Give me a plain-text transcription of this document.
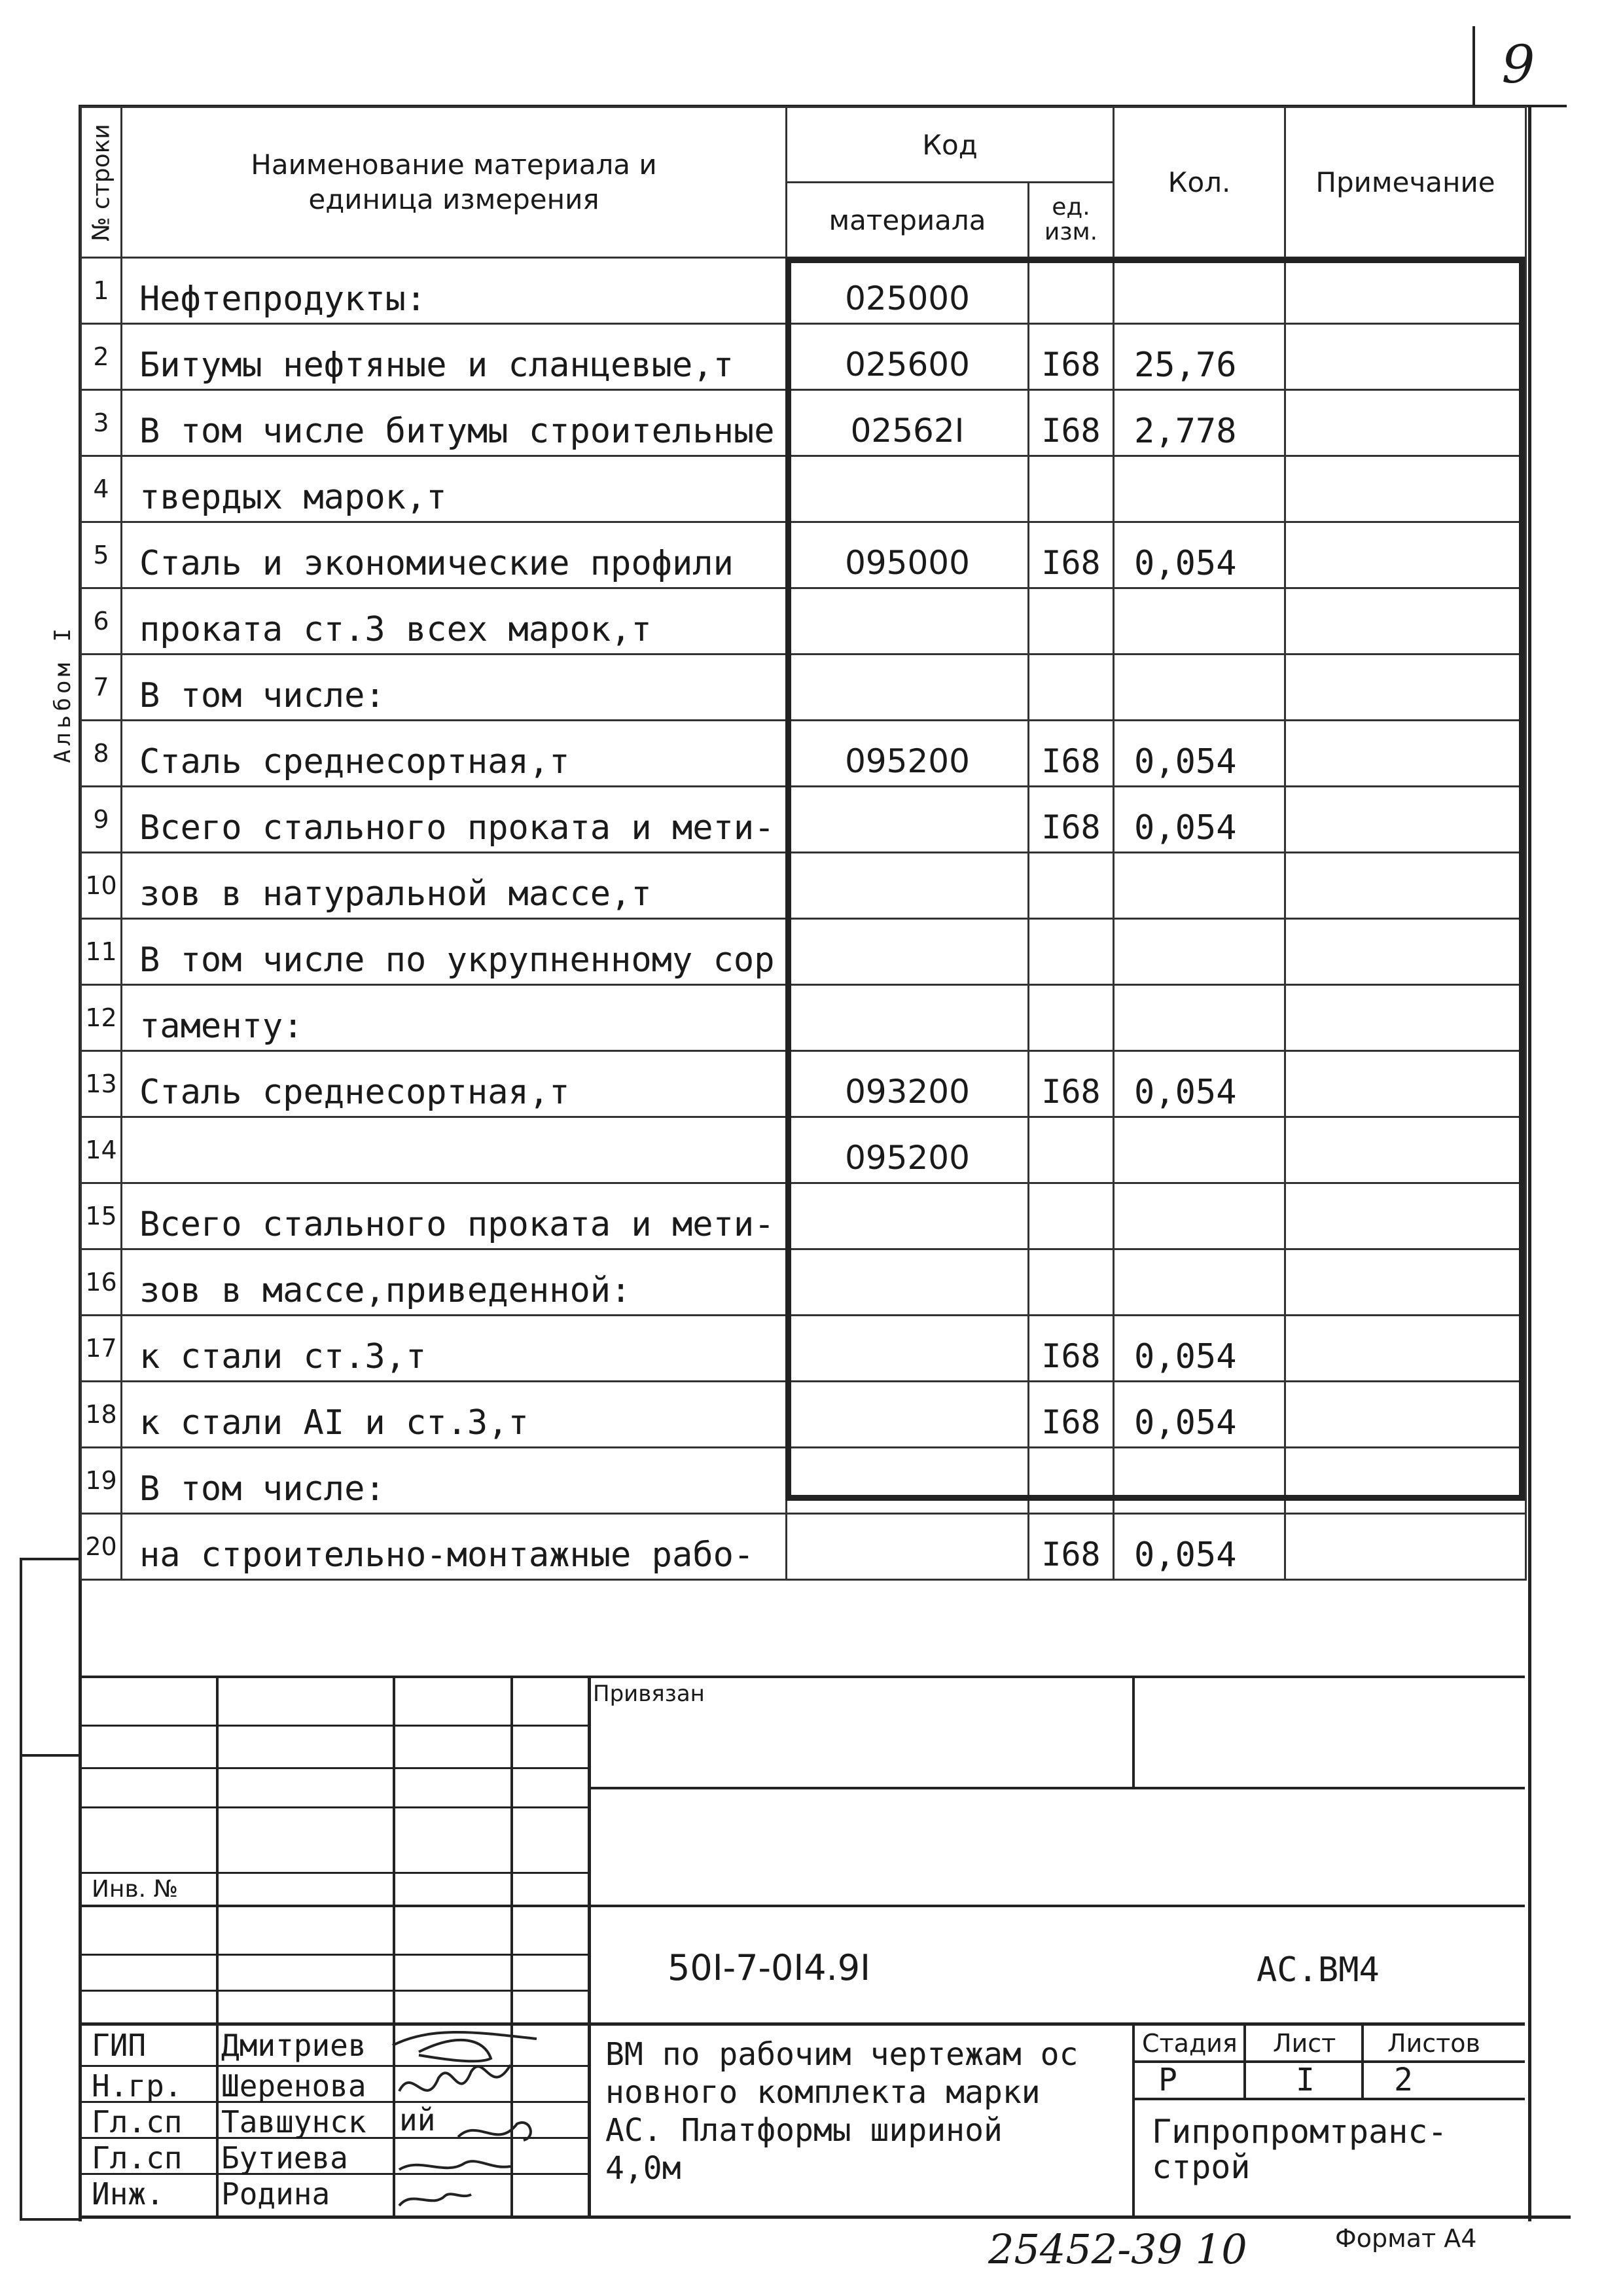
9
Альбом I
№ строки	Наименование материала и единица измерения	Код		Кол.	Примечание
		материала	ед. изм.		

1	Нефтепродукты:	025000			
2	Битумы нефтяные и сланцевые,т	025600	I68	25,76	
3	В том числе битумы строительные	02562I	I68	2,778	
4	твердых марок,т				
5	Сталь и экономические профили	095000	I68	0,054	
6	проката ст.3 всех марок,т				
7	В том числе:				
8	Сталь среднесортная,т	095200	I68	0,054	
9	Всего стального проката и мети-		I68	0,054	
10	зов в натуральной массе,т				
11	В том числе по укрупненному сор				
12	таменту:				
13	Сталь среднесортная,т	093200	I68	0,054	
14		095200			
15	Всего стального проката и мети-				
16	зов в массе,приведенной:				
17	к стали ст.3,т		I68	0,054	
18	к стали AI и ст.3,т		I68	0,054	
19	В том числе:				
20	на строительно-монтажные рабо-		I68	0,054	
Привязан
Инв. №
50I-7-0I4.9I	АС.ВМ4
ВМ по рабочим чертежам ос
новного комплекта марки
АС. Платформы шириной
4,0м
Стадия Лист Листов
Р	I	2
Гипропромтранс-
строй
ГИП Дмитриев
Н.гр. Шеренова
Гл.сп Тавшунск
Гл.сп Бутиева
Инж. Родина
ий
25452-39 10	Формат А4
